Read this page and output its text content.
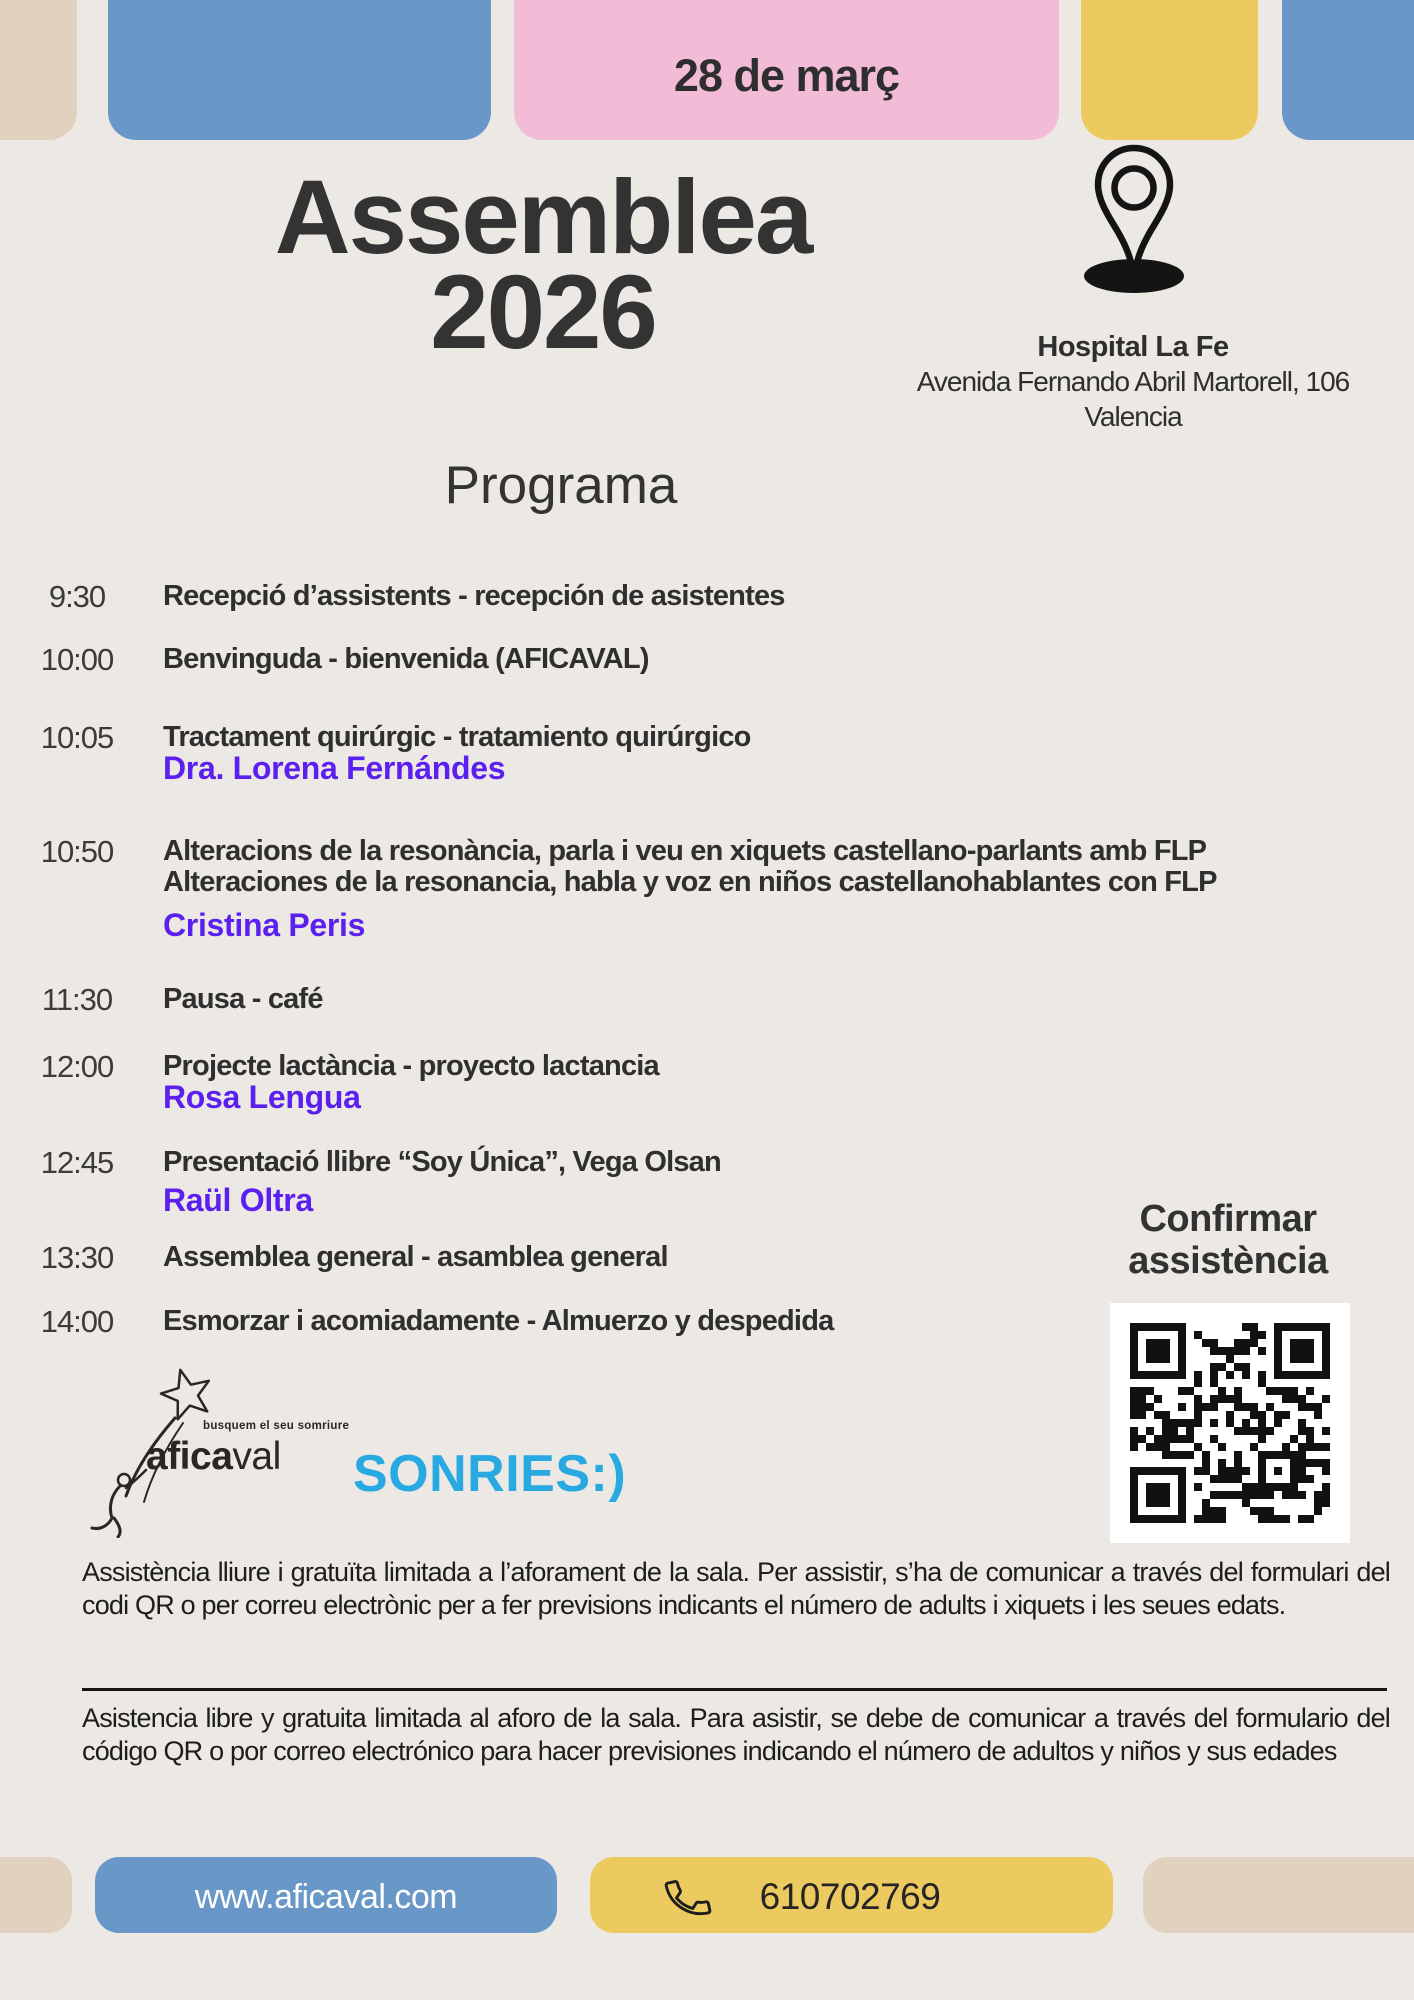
28 de març
Assemblea
2026	Hospital La Fe
Avenida Fernando Abril Martorell, 106
Valencia
Programa
9:30	Recepció d’assistents - recepción de asistentes
10:00	Benvinguda - bienvenida (AFICAVAL)
10:05	Tractament quirúrgic - tratamiento quirúrgico
Dra. Lorena Fernándes
10:50	Alteracions de la resonància, parla i veu en xiquets castellano-parlants amb FLP
Alteraciones de la resonancia, habla y voz en niños castellanohablantes con FLP
Cristina Peris
11:30	Pausa - café
12:00	Projecte lactància - proyecto lactancia
Rosa Lengua
12:45	Presentació llibre “Soy Única”, Vega Olsan
Raül Oltra
13:30	Assemblea general - asamblea general
14:00	Esmorzar i acomiadamente - Almuerzo y despedida
Confirmar
assistència
busquem el seu somriure
aficaval SONRIES:)
Assistència lliure i gratuïta limitada a l’aforament de la sala. Per assistir, s’ha de comunicar a través del formulari del codi QR o per correu electrònic per a fer previsions indicants el número de adults i xiquets i les seues edats.
Asistencia libre y gratuita limitada al aforo de la sala. Para asistir, se debe de comunicar a través del formulario del código QR o por correo electrónico para hacer previsiones indicando el número de adultos y niños y sus edades
www.aficaval.com	610702769
